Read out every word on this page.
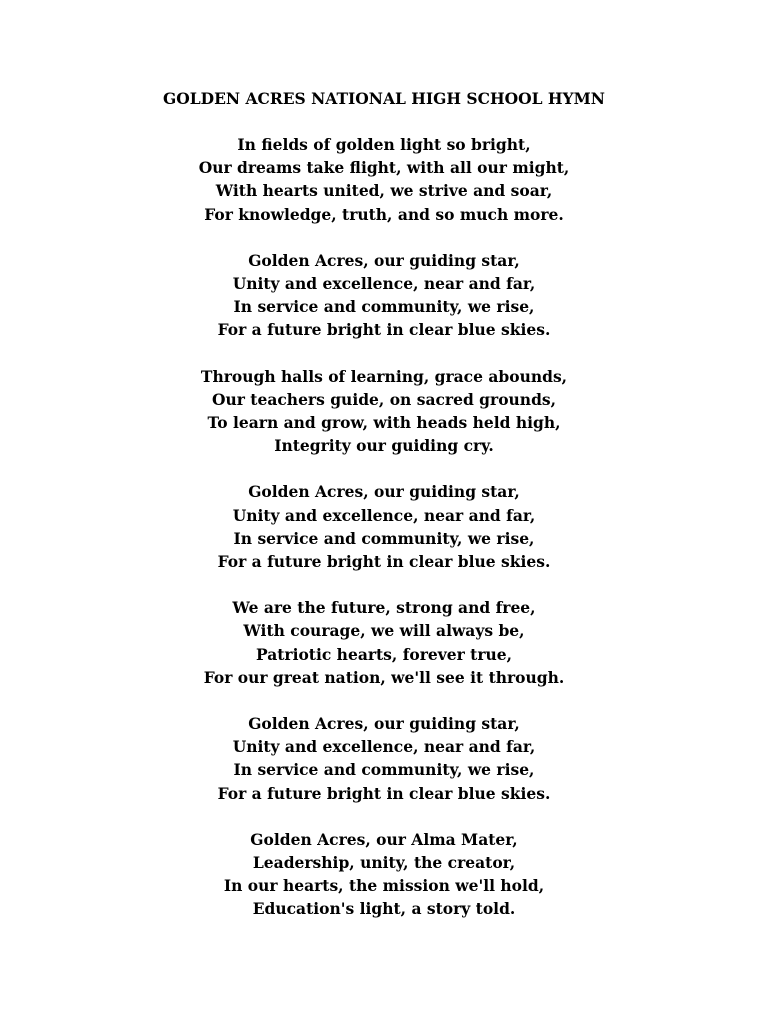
GOLDEN ACRES NATIONAL HIGH SCHOOL HYMN
In fields of golden light so bright,
Our dreams take flight, with all our might,
With hearts united, we strive and soar,
For knowledge, truth, and so much more.
Golden Acres, our guiding star,
Unity and excellence, near and far,
In service and community, we rise,
For a future bright in clear blue skies.
Through halls of learning, grace abounds,
Our teachers guide, on sacred grounds,
To learn and grow, with heads held high,
Integrity our guiding cry.
Golden Acres, our guiding star,
Unity and excellence, near and far,
In service and community, we rise,
For a future bright in clear blue skies.
We are the future, strong and free,
With courage, we will always be,
Patriotic hearts, forever true,
For our great nation, we'll see it through.
Golden Acres, our guiding star,
Unity and excellence, near and far,
In service and community, we rise,
For a future bright in clear blue skies.
Golden Acres, our Alma Mater,
Leadership, unity, the creator,
In our hearts, the mission we'll hold,
Education's light, a story told.
